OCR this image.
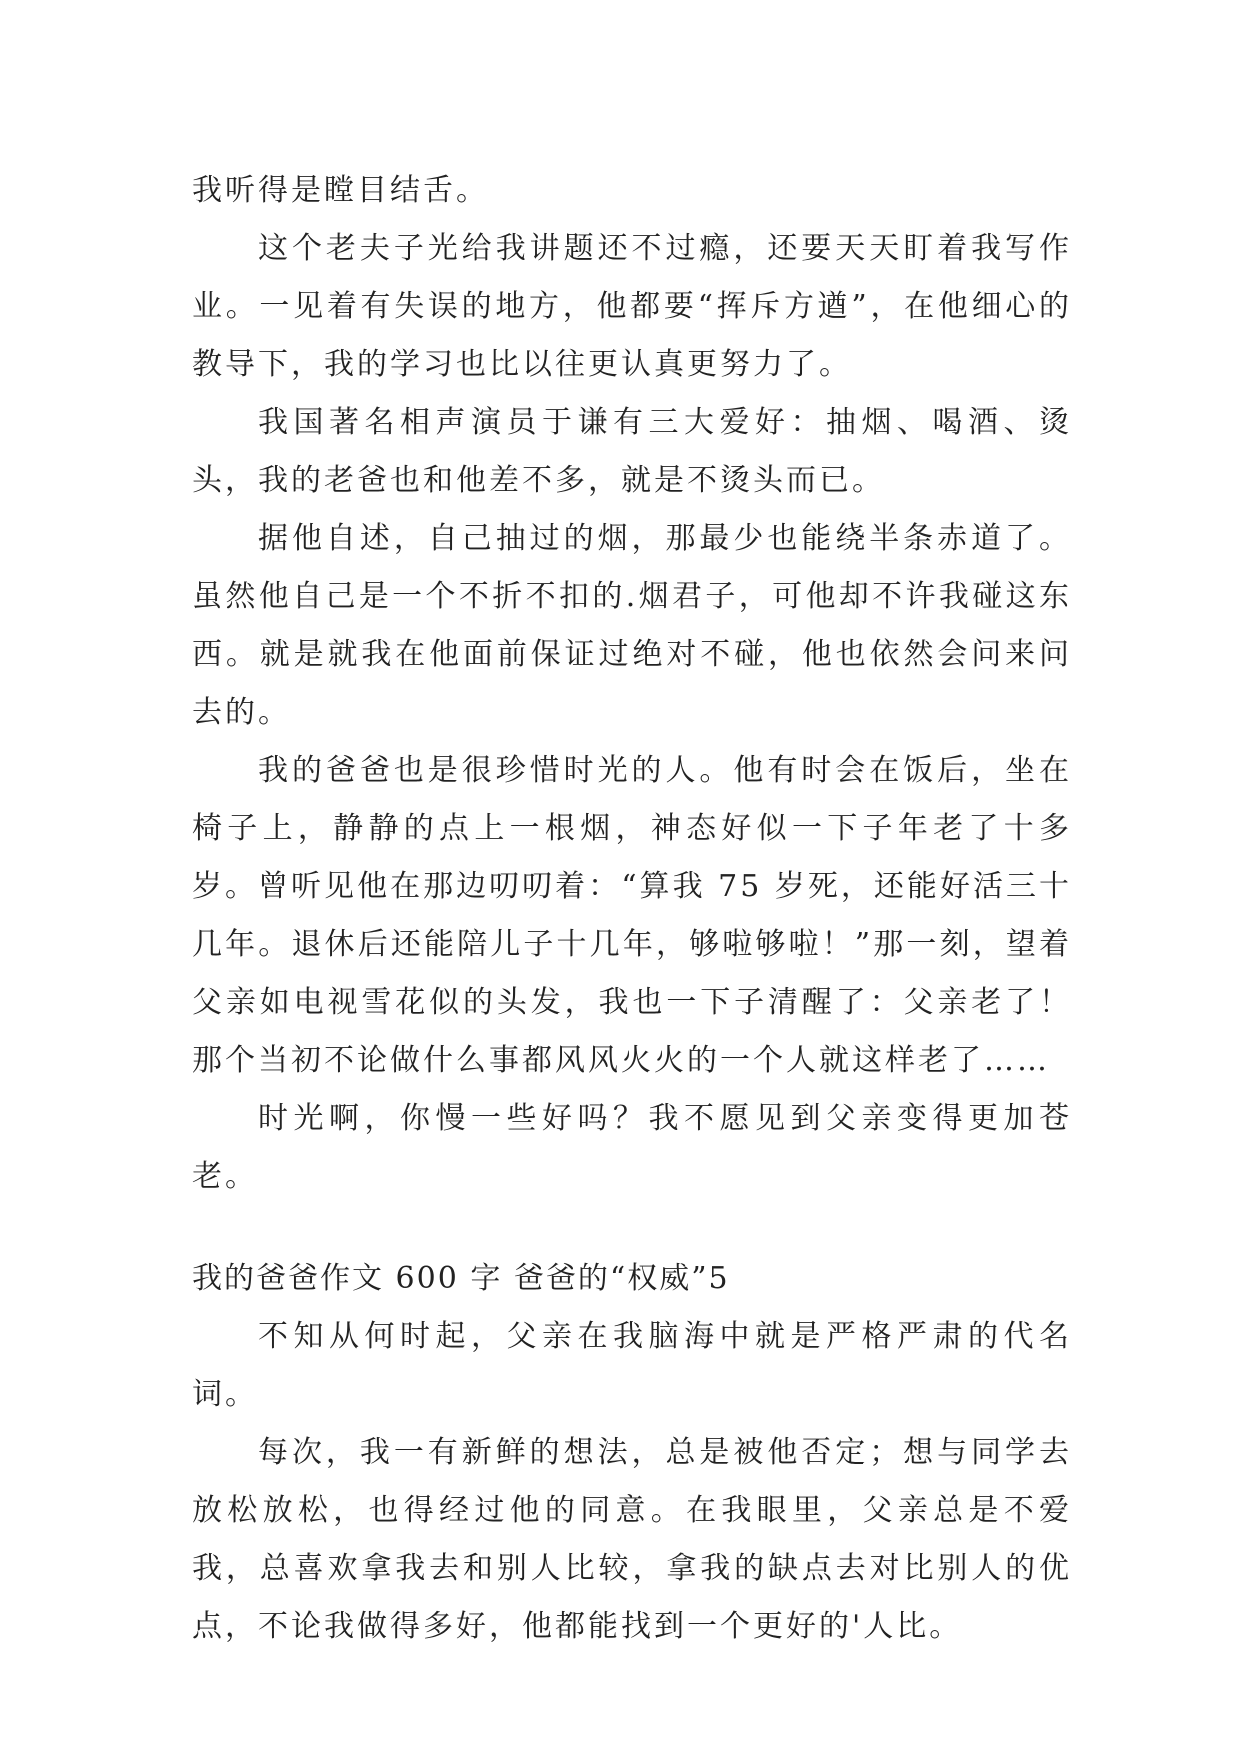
我听得是瞠目结舌。

这个老夫子光给我讲题还不过瘾，还要天天盯着我写作业。一见着有失误的地方，他都要“挥斥方遒”，在他细心的教导下，我的学习也比以往更认真更努力了。

我国著名相声演员于谦有三大爱好：抽烟、喝酒、烫头，我的老爸也和他差不多，就是不烫头而已。

据他自述，自己抽过的烟，那最少也能绕半条赤道了。虽然他自己是一个不折不扣的.烟君子，可他却不许我碰这东西。就是就我在他面前保证过绝对不碰，他也依然会问来问去的。

我的爸爸也是很珍惜时光的人。他有时会在饭后，坐在椅子上，静静的点上一根烟，神态好似一下子年老了十多岁。曾听见他在那边叨叨着：“算我 75 岁死，还能好活三十几年。退休后还能陪儿子十几年，够啦够啦！”那一刻，望着父亲如电视雪花似的头发，我也一下子清醒了：父亲老了！那个当初不论做什么事都风风火火的一个人就这样老了……

时光啊，你慢一些好吗？我不愿见到父亲变得更加苍老。

我的爸爸作文 600 字 爸爸的“权威”5

不知从何时起，父亲在我脑海中就是严格严肃的代名词。

每次，我一有新鲜的想法，总是被他否定；想与同学去放松放松，也得经过他的同意。在我眼里，父亲总是不爱我，总喜欢拿我去和别人比较，拿我的缺点去对比别人的优点，不论我做得多好，他都能找到一个更好的'人比。
